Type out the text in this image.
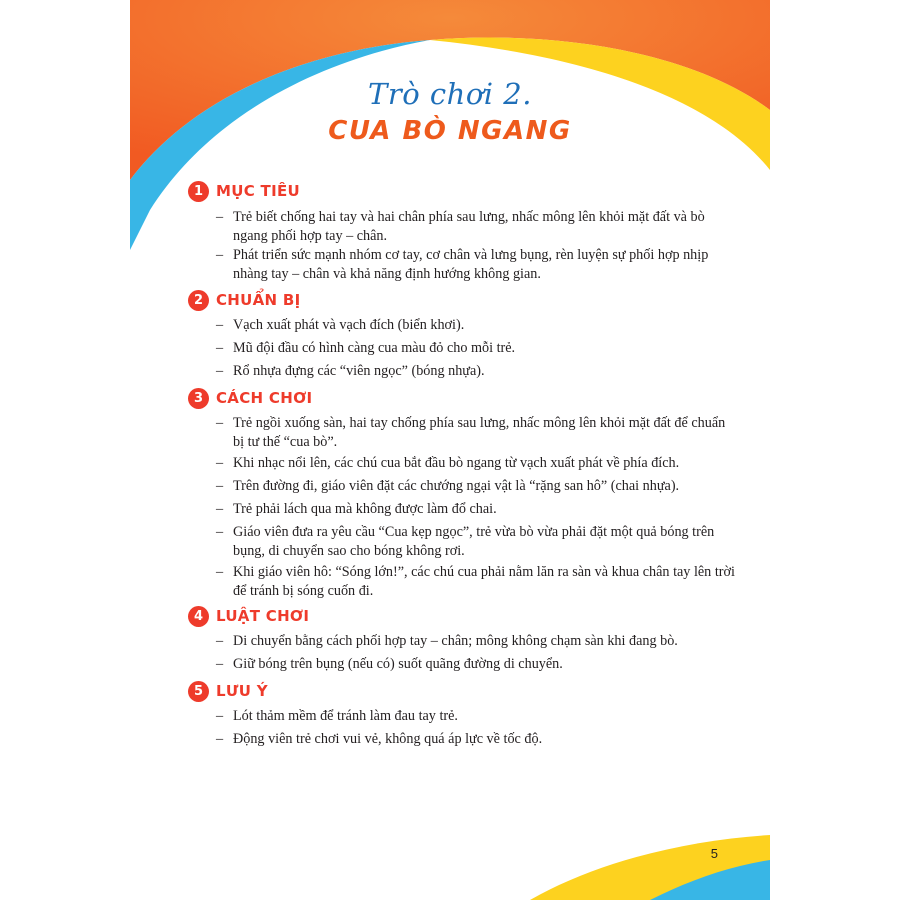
Trò chơi 2.
CUA BÒ NGANG
1 MỤC TIÊU
– Trẻ biết chống hai tay và hai chân phía sau lưng, nhấc mông lên khỏi mặt đất và bò ngang phối hợp tay – chân.
– Phát triển sức mạnh nhóm cơ tay, cơ chân và lưng bụng, rèn luyện sự phối hợp nhịp nhàng tay – chân và khả năng định hướng không gian.
2 CHUẨN BỊ
– Vạch xuất phát và vạch đích (biển khơi).
– Mũ đội đầu có hình càng cua màu đỏ cho mỗi trẻ.
– Rổ nhựa đựng các “viên ngọc” (bóng nhựa).
3 CÁCH CHƠI
– Trẻ ngồi xuống sàn, hai tay chống phía sau lưng, nhấc mông lên khỏi mặt đất để chuẩn bị tư thế “cua bò”.
– Khi nhạc nổi lên, các chú cua bắt đầu bò ngang từ vạch xuất phát về phía đích.
– Trên đường đi, giáo viên đặt các chướng ngại vật là “rặng san hô” (chai nhựa).
– Trẻ phải lách qua mà không được làm đổ chai.
– Giáo viên đưa ra yêu cầu “Cua kẹp ngọc”, trẻ vừa bò vừa phải đặt một quả bóng trên bụng, di chuyển sao cho bóng không rơi.
– Khi giáo viên hô: “Sóng lớn!”, các chú cua phải nằm lăn ra sàn và khua chân tay lên trời để tránh bị sóng cuốn đi.
4 LUẬT CHƠI
– Di chuyển bằng cách phối hợp tay – chân; mông không chạm sàn khi đang bò.
– Giữ bóng trên bụng (nếu có) suốt quãng đường di chuyển.
5 LƯU Ý
– Lót thảm mềm để tránh làm đau tay trẻ.
– Động viên trẻ chơi vui vẻ, không quá áp lực về tốc độ.
5
